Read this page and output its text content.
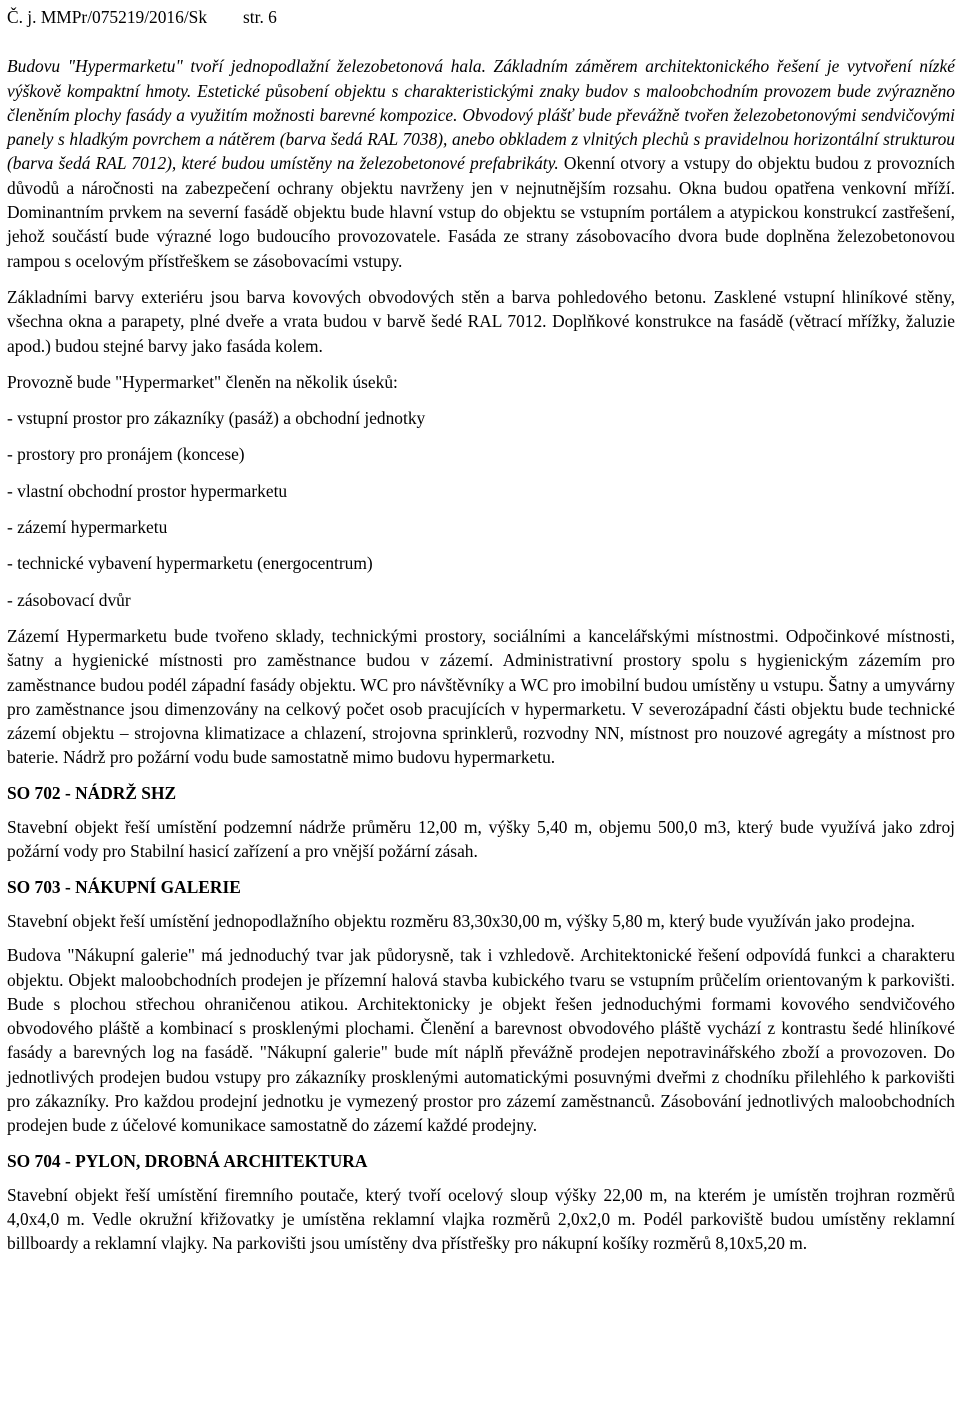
Č. j. MMPr/075219/2016/Sk str. 6

Budovu "Hypermarketu" tvoří jednopodlažní železobetonová hala. Základním záměrem architektonického řešení je vytvoření nízké výškově kompaktní hmoty. Estetické působení objektu s charakteristickými znaky budov s maloobchodním provozem bude zvýrazněno členěním plochy fasády a využitím možnosti barevné kompozice. Obvodový plášť bude převážně tvořen železobetonovými sendvičovými panely s hladkým povrchem a nátěrem (barva šedá RAL 7038), anebo obkladem z vlnitých plechů s pravidelnou horizontální strukturou (barva šedá RAL 7012), které budou umístěny na železobetonové prefabrikáty. Okenní otvory a vstupy do objektu budou z provozních důvodů a náročnosti na zabezpečení ochrany objektu navrženy jen v nejnutnějším rozsahu. Okna budou opatřena venkovní mříží. Dominantním prvkem na severní fasádě objektu bude hlavní vstup do objektu se vstupním portálem a atypickou konstrukcí zastřešení, jehož součástí bude výrazné logo budoucího provozovatele. Fasáda ze strany zásobovacího dvora bude doplněna železobetonovou rampou s ocelovým přístřeškem se zásobovacími vstupy.

Základními barvy exteriéru jsou barva kovových obvodových stěn a barva pohledového betonu. Zasklené vstupní hliníkové stěny, všechna okna a parapety, plné dveře a vrata budou v barvě šedé RAL 7012. Doplňkové konstrukce na fasádě (větrací mřížky, žaluzie apod.) budou stejné barvy jako fasáda kolem.

Provozně bude "Hypermarket" členěn na několik úseků:

- vstupní prostor pro zákazníky (pasáž) a obchodní jednotky
- prostory pro pronájem (koncese)
- vlastní obchodní prostor hypermarketu
- zázemí hypermarketu
- technické vybavení hypermarketu (energocentrum)
- zásobovací dvůr

Zázemí Hypermarketu bude tvořeno sklady, technickými prostory, sociálními a kancelářskými místnostmi. Odpočinkové místnosti, šatny a hygienické místnosti pro zaměstnance budou v zázemí. Administrativní prostory spolu s hygienickým zázemím pro zaměstnance budou podél západní fasády objektu. WC pro návštěvníky a WC pro imobilní budou umístěny u vstupu. Šatny a umyvárny pro zaměstnance jsou dimenzovány na celkový počet osob pracujících v hypermarketu. V severozápadní části objektu bude technické zázemí objektu – strojovna klimatizace a chlazení, strojovna sprinklerů, rozvodny NN, místnost pro nouzové agregáty a místnost pro baterie. Nádrž pro požární vodu bude samostatně mimo budovu hypermarketu.

SO 702 - NÁDRŽ SHZ

Stavební objekt řeší umístění podzemní nádrže průměru 12,00 m, výšky 5,40 m, objemu 500,0 m3, který bude využívá jako zdroj požární vody pro Stabilní hasicí zařízení a pro vnější požární zásah.

SO 703 - NÁKUPNÍ GALERIE

Stavební objekt řeší umístění jednopodlažního objektu rozměru 83,30x30,00 m, výšky 5,80 m, který bude využíván jako prodejna.

Budova "Nákupní galerie" má jednoduchý tvar jak půdorysně, tak i vzhledově. Architektonické řešení odpovídá funkci a charakteru objektu. Objekt maloobchodních prodejen je přízemní halová stavba kubického tvaru se vstupním průčelím orientovaným k parkovišti. Bude s plochou střechou ohraničenou atikou. Architektonicky je objekt řešen jednoduchými formami kovového sendvičového obvodového pláště a kombinací s prosklenými plochami. Členění a barevnost obvodového pláště vychází z kontrastu šedé hliníkové fasády a barevných log na fasádě. "Nákupní galerie" bude mít náplň převážně prodejen nepotravinářského zboží a provozoven. Do jednotlivých prodejen budou vstupy pro zákazníky prosklenými automatickými posuvnými dveřmi z chodníku přilehlého k parkovišti pro zákazníky. Pro každou prodejní jednotku je vymezený prostor pro zázemí zaměstnanců. Zásobování jednotlivých maloobchodních prodejen bude z účelové komunikace samostatně do zázemí každé prodejny.

SO 704 - PYLON, DROBNÁ ARCHITEKTURA

Stavební objekt řeší umístění firemního poutače, který tvoří ocelový sloup výšky 22,00 m, na kterém je umístěn trojhran rozměrů 4,0x4,0 m. Vedle okružní křižovatky je umístěna reklamní vlajka rozměrů 2,0x2,0 m. Podél parkoviště budou umístěny reklamní billboardy a reklamní vlajky. Na parkovišti jsou umístěny dva přístřešky pro nákupní košíky rozměrů 8,10x5,20 m.
